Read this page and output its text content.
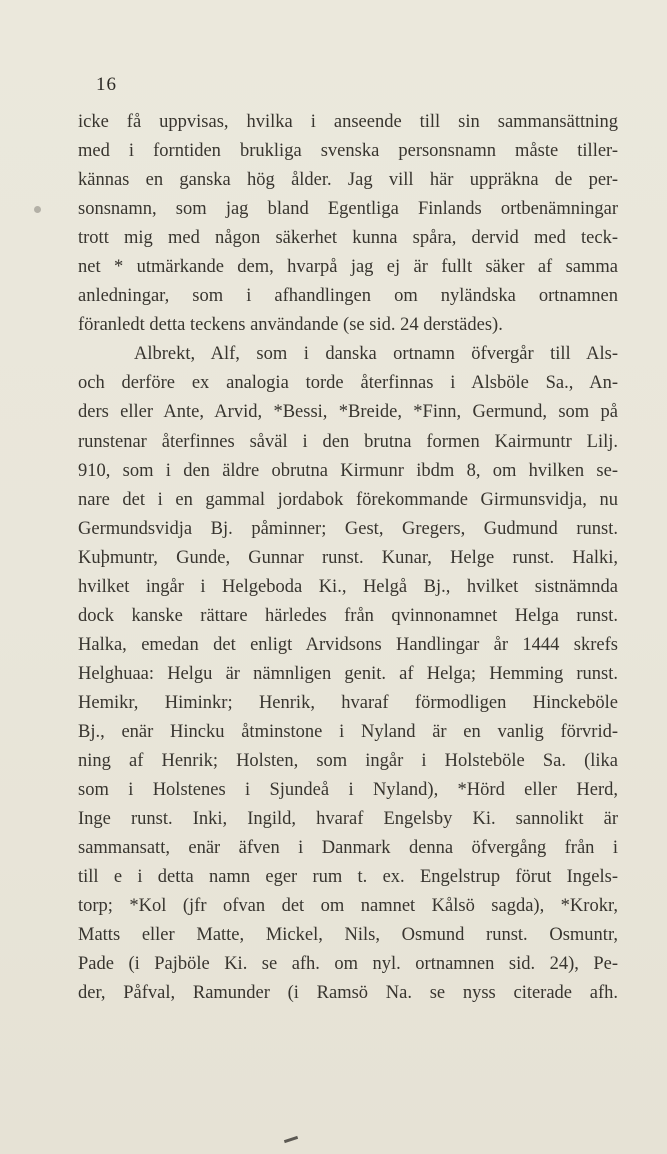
16
icke få uppvisas, hvilka i anseende till sin sammansättning
med i forntiden brukliga svenska personsnamn måste tiller-
kännas en ganska hög ålder. Jag vill här uppräkna de per-
sonsnamn, som jag bland Egentliga Finlands ortbenämningar
trott mig med någon säkerhet kunna spåra, dervid med teck-
net * utmärkande dem, hvarpå jag ej är fullt säker af samma
anledningar, som i afhandlingen om nyländska ortnamnen
föranledt detta teckens användande (se sid. 24 derstädes).
Albrekt, Alf, som i danska ortnamn öfvergår till Als-
och derföre ex analogia torde återfinnas i Alsböle Sa., An-
ders eller Ante, Arvid, *Bessi, *Breide, *Finn, Germund, som på
runstenar återfinnes såväl i den brutna formen Kairmuntr Lilj.
910, som i den äldre obrutna Kirmunr ibdm 8, om hvilken se-
nare det i en gammal jordabok förekommande Girmunsvidja, nu
Germundsvidja Bj. påminner; Gest, Gregers, Gudmund runst.
Kuþmuntr, Gunde, Gunnar runst. Kunar, Helge runst. Halki,
hvilket ingår i Helgeboda Ki., Helgå Bj., hvilket sistnämnda
dock kanske rättare härledes från qvinnonamnet Helga runst.
Halka, emedan det enligt Arvidsons Handlingar år 1444 skrefs
Helghuaa: Helgu är nämnligen genit. af Helga; Hemming runst.
Hemikr, Himinkr; Henrik, hvaraf förmodligen Hinckeböle
Bj., enär Hincku åtminstone i Nyland är en vanlig förvrid-
ning af Henrik; Holsten, som ingår i Holsteböle Sa. (lika
som i Holstenes i Sjundeå i Nyland), *Hörd eller Herd,
Inge runst. Inki, Ingild, hvaraf Engelsby Ki. sannolikt är
sammansatt, enär äfven i Danmark denna öfvergång från i
till e i detta namn eger rum t. ex. Engelstrup förut Ingels-
torp; *Kol (jfr ofvan det om namnet Kålsö sagda), *Krokr,
Matts eller Matte, Mickel, Nils, Osmund runst. Osmuntr,
Pade (i Pajböle Ki. se afh. om nyl. ortnamnen sid. 24), Pe-
der, Påfval, Ramunder (i Ramsö Na. se nyss citerade afh.
